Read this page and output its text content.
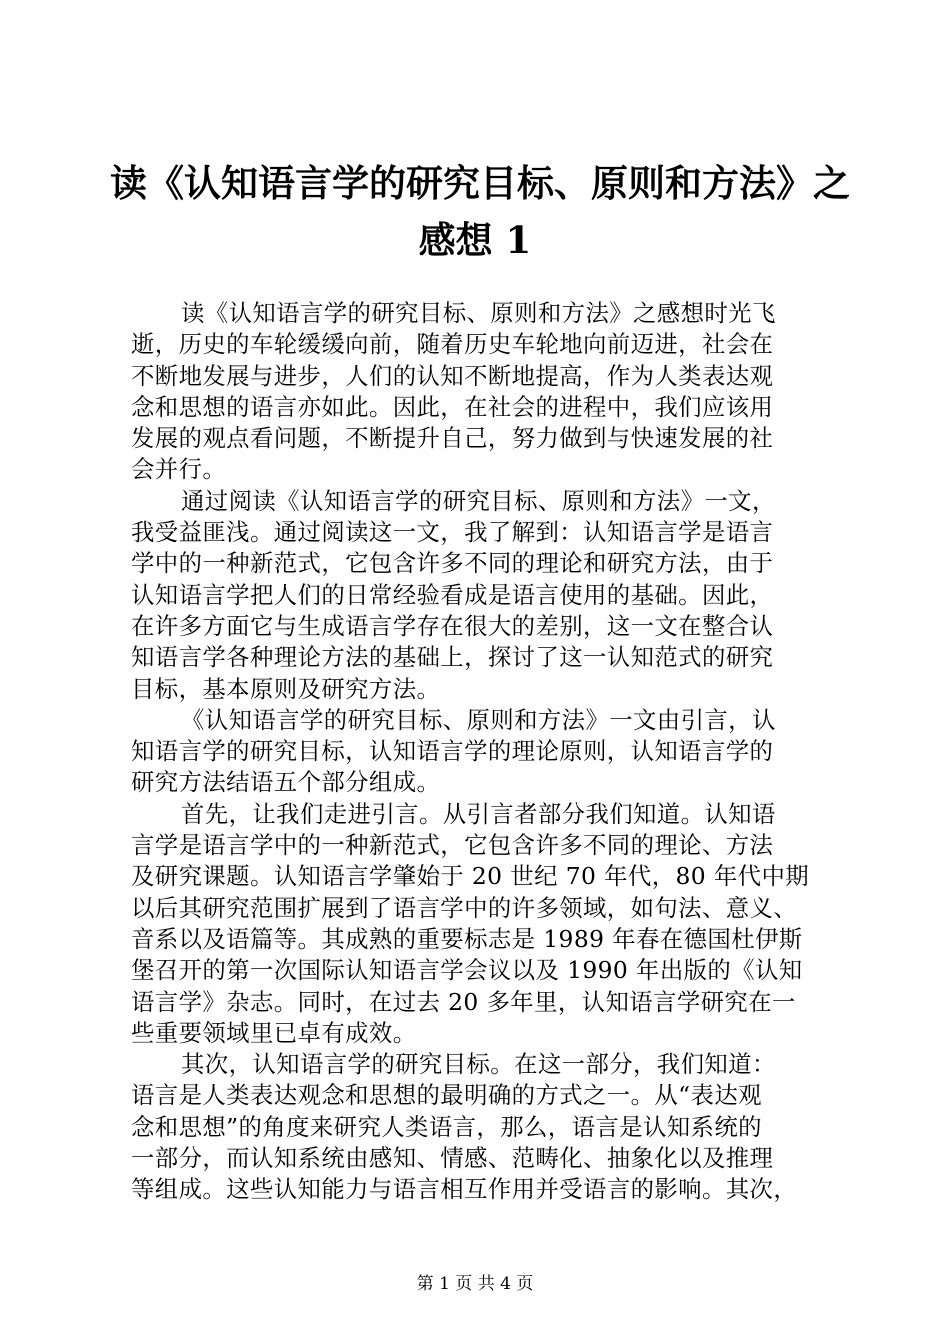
读《认知语言学的研究目标、原则和方法》之
感想 1
读《认知语言学的研究目标、原则和方法》之感想时光飞
逝，历史的车轮缓缓向前，随着历史车轮地向前迈进，社会在
不断地发展与进步，人们的认知不断地提高，作为人类表达观
念和思想的语言亦如此。因此，在社会的进程中，我们应该用
发展的观点看问题，不断提升自己，努力做到与快速发展的社
会并行。
通过阅读《认知语言学的研究目标、原则和方法》一文，
我受益匪浅。通过阅读这一文，我了解到：认知语言学是语言
学中的一种新范式，它包含许多不同的理论和研究方法，由于
认知语言学把人们的日常经验看成是语言使用的基础。因此，
在许多方面它与生成语言学存在很大的差别，这一文在整合认
知语言学各种理论方法的基础上，探讨了这一认知范式的研究
目标，基本原则及研究方法。
《认知语言学的研究目标、原则和方法》一文由引言，认
知语言学的研究目标，认知语言学的理论原则，认知语言学的
研究方法结语五个部分组成。
首先，让我们走进引言。从引言者部分我们知道。认知语
言学是语言学中的一种新范式，它包含许多不同的理论、方法
及研究课题。认知语言学肇始于 20 世纪 70 年代，80 年代中期
以后其研究范围扩展到了语言学中的许多领域，如句法、意义、
音系以及语篇等。其成熟的重要标志是 1989 年春在德国杜伊斯
堡召开的第一次国际认知语言学会议以及 1990 年出版的《认知
语言学》杂志。同时，在过去 20 多年里，认知语言学研究在一
些重要领域里已卓有成效。
其次，认知语言学的研究目标。在这一部分，我们知道：
语言是人类表达观念和思想的最明确的方式之一。从“表达观
念和思想”的角度来研究人类语言，那么，语言是认知系统的
一部分，而认知系统由感知、情感、范畴化、抽象化以及推理
等组成。这些认知能力与语言相互作用并受语言的影响。其次，
第 1 页 共 4 页
